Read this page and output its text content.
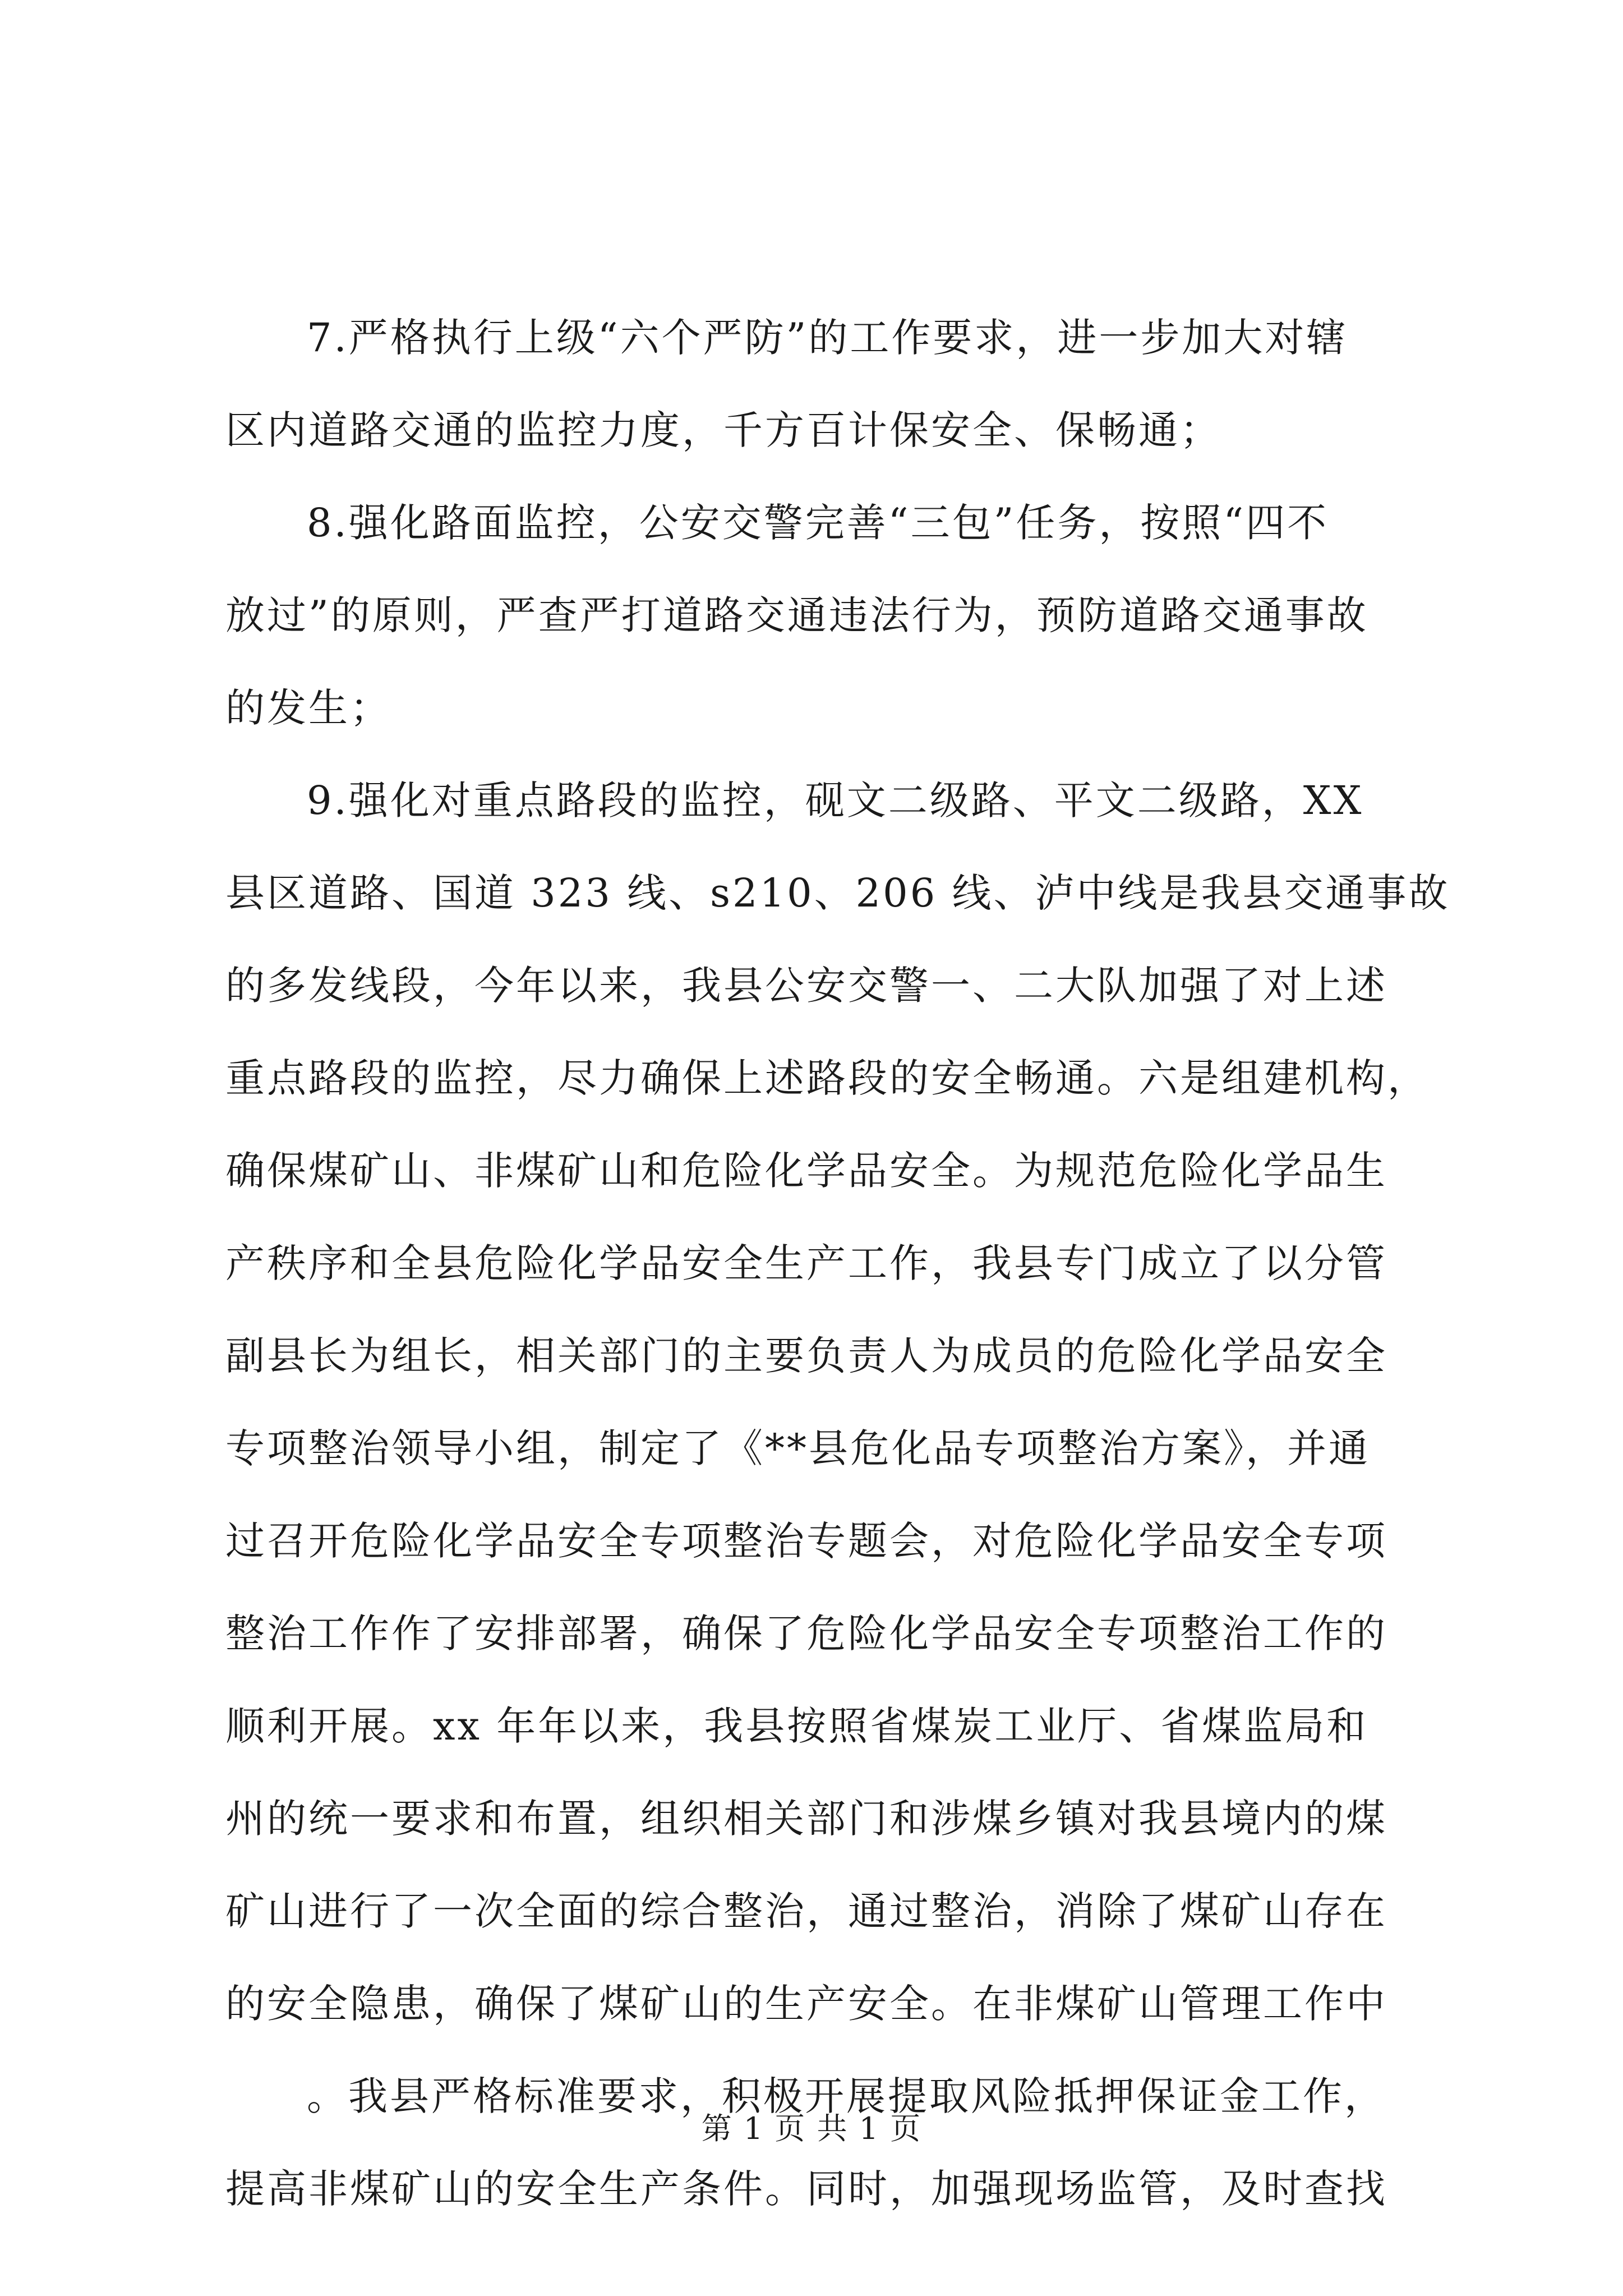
7.严格执行上级“六个严防”的工作要求，进一步加大对辖
区内道路交通的监控力度，千方百计保安全、保畅通；
8.强化路面监控，公安交警完善“三包”任务，按照“四不
放过”的原则，严查严打道路交通违法行为，预防道路交通事故
的发生；
9.强化对重点路段的监控，砚文二级路、平文二级路，XX
县区道路、国道 323 线、s210、206 线、泸中线是我县交通事故
的多发线段，今年以来，我县公安交警一、二大队加强了对上述
重点路段的监控，尽力确保上述路段的安全畅通。六是组建机构，
确保煤矿山、非煤矿山和危险化学品安全。为规范危险化学品生
产秩序和全县危险化学品安全生产工作，我县专门成立了以分管
副县长为组长，相关部门的主要负责人为成员的危险化学品安全
专项整治领导小组，制定了《**县危化品专项整治方案》，并通
过召开危险化学品安全专项整治专题会，对危险化学品安全专项
整治工作作了安排部署，确保了危险化学品安全专项整治工作的
顺利开展。xx 年年以来，我县按照省煤炭工业厅、省煤监局和
州的统一要求和布置，组织相关部门和涉煤乡镇对我县境内的煤
矿山进行了一次全面的综合整治，通过整治，消除了煤矿山存在
的安全隐患，确保了煤矿山的生产安全。在非煤矿山管理工作中
。我县严格标准要求，积极开展提取风险抵押保证金工作，
提高非煤矿山的安全生产条件。同时，加强现场监管，及时查找
第 1 页 共 1 页
